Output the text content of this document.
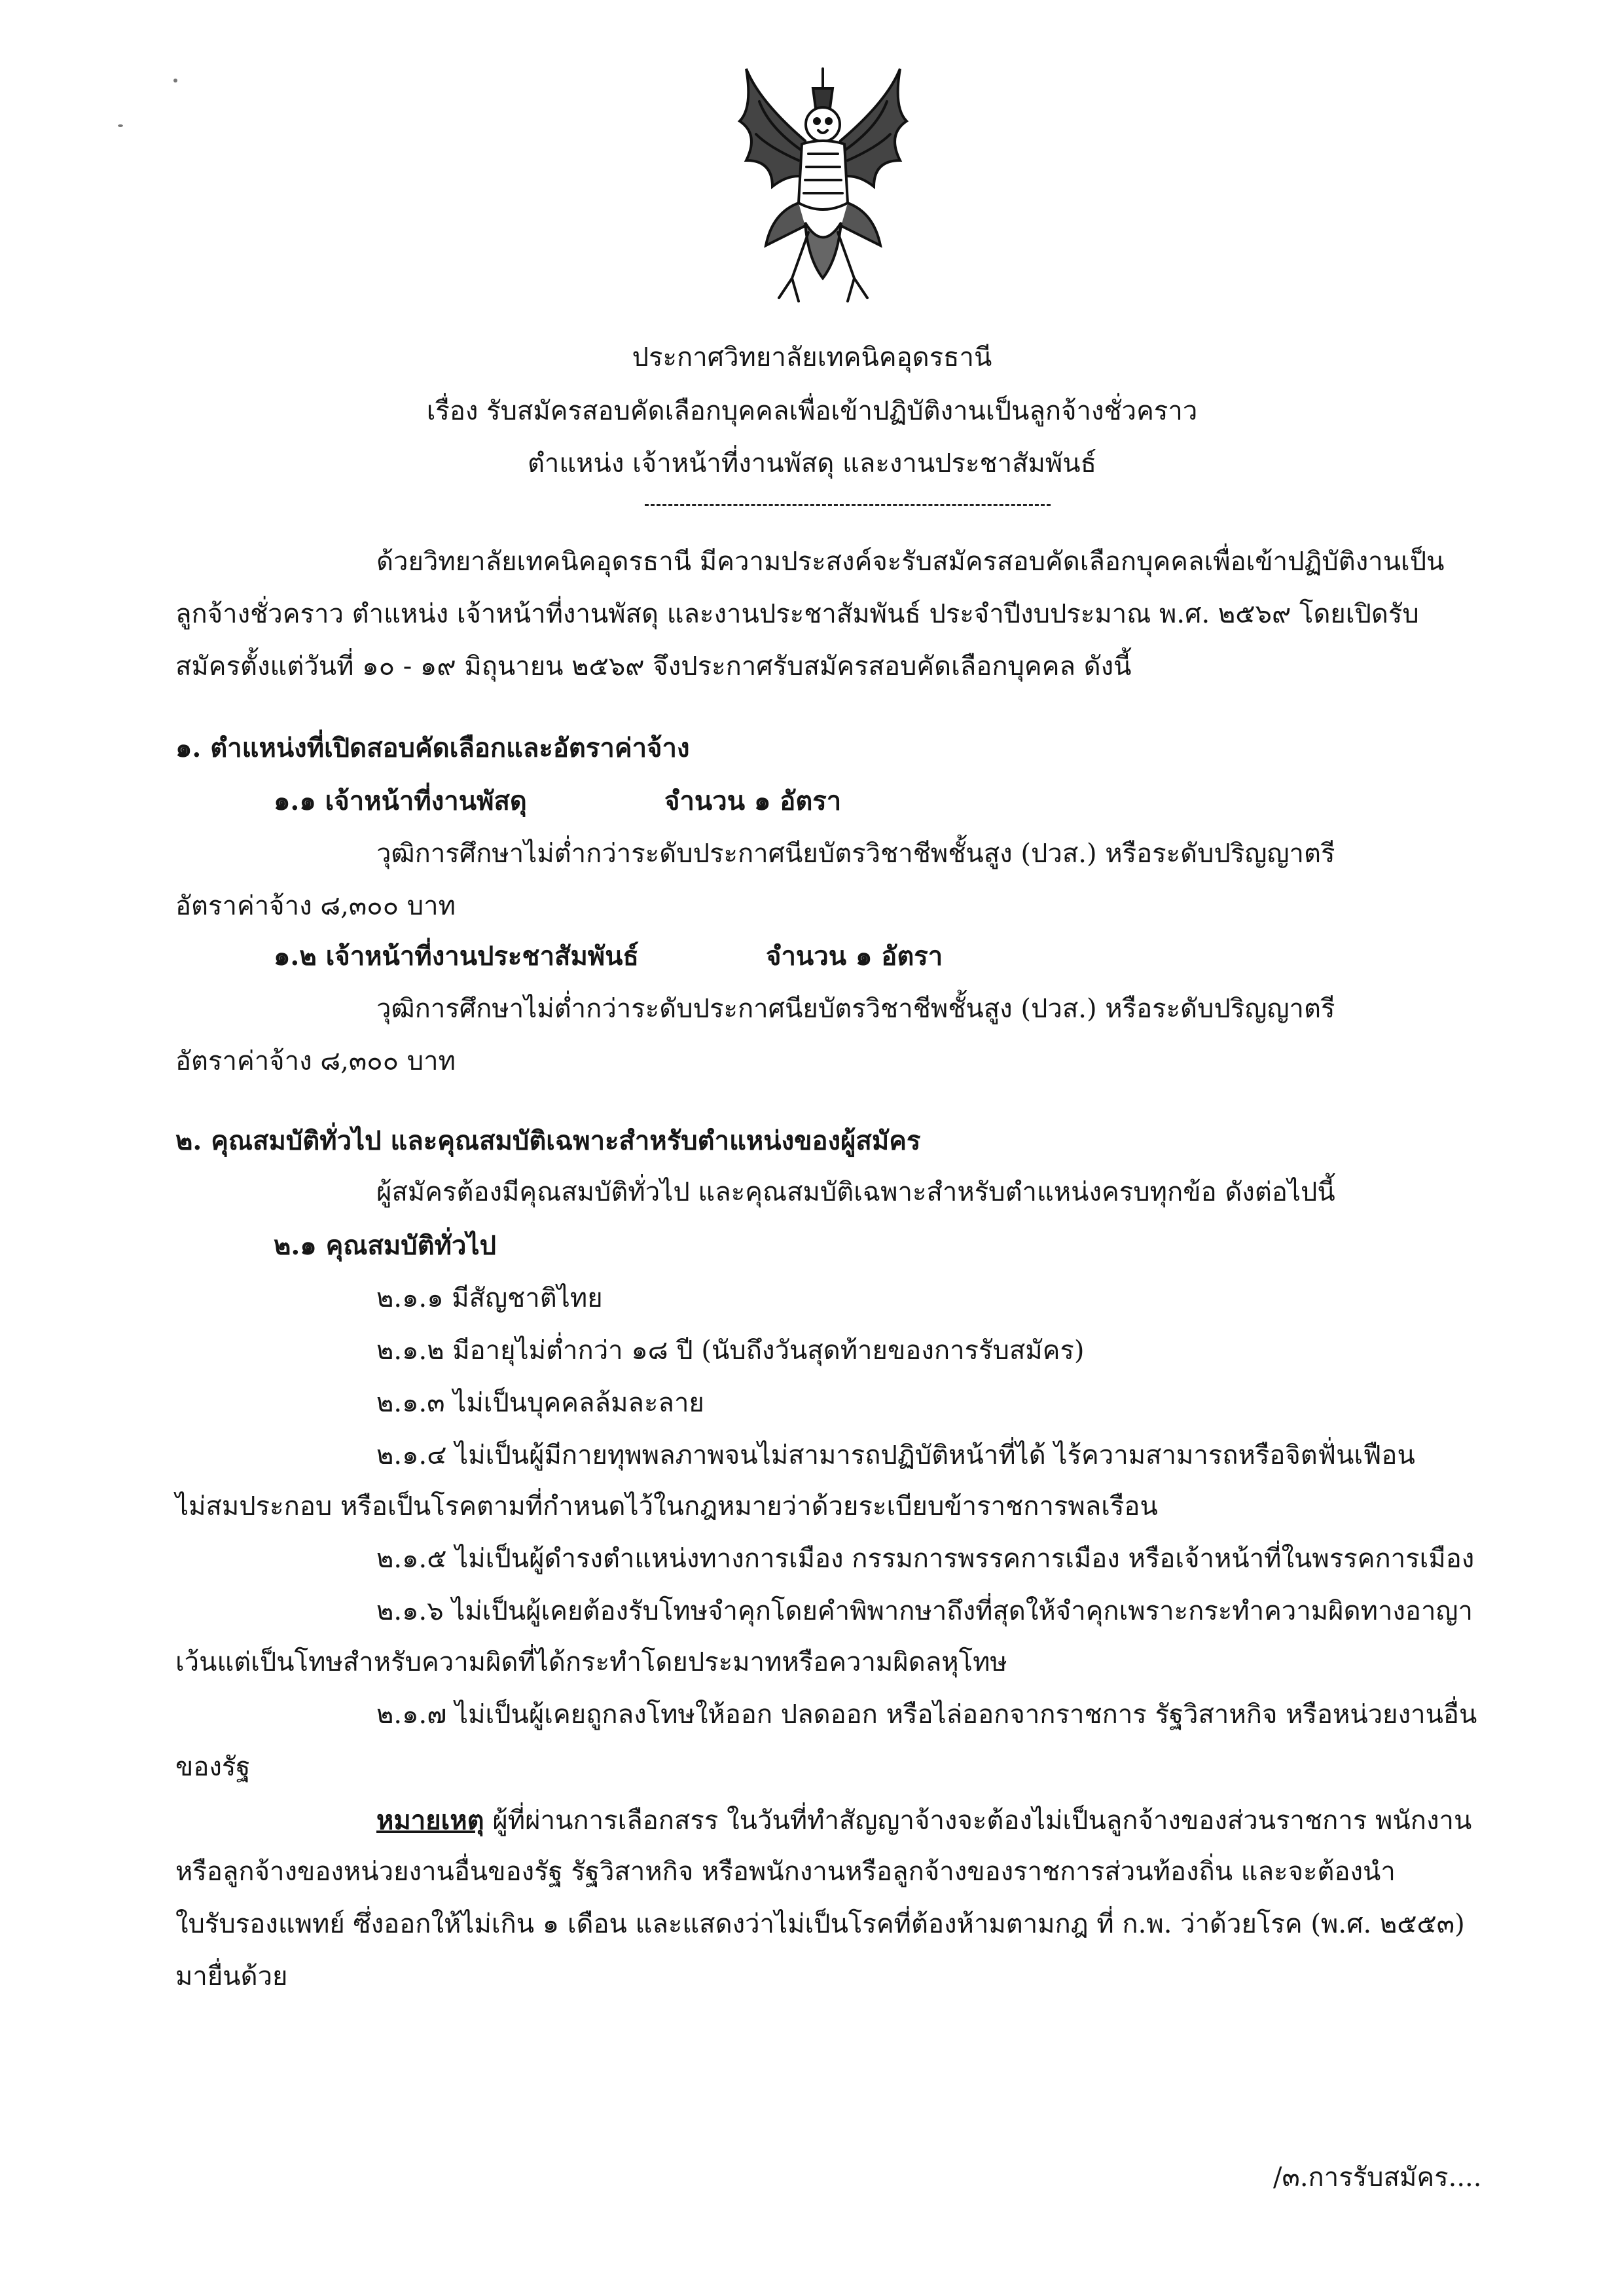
ประกาศวิทยาลัยเทคนิคอุดรธานี
เรื่อง รับสมัครสอบคัดเลือกบุคคลเพื่อเข้าปฏิบัติงานเป็นลูกจ้างชั่วคราว
ตำแหน่ง เจ้าหน้าที่งานพัสดุ และงานประชาสัมพันธ์
ด้วยวิทยาลัยเทคนิคอุดรธานี มีความประสงค์จะรับสมัครสอบคัดเลือกบุคคลเพื่อเข้าปฏิบัติงานเป็น
ลูกจ้างชั่วคราว ตำแหน่ง เจ้าหน้าที่งานพัสดุ และงานประชาสัมพันธ์ ประจำปีงบประมาณ พ.ศ. ๒๕๖๙ โดยเปิดรับ
สมัครตั้งแต่วันที่ ๑๐ - ๑๙ มิถุนายน ๒๕๖๙ จึงประกาศรับสมัครสอบคัดเลือกบุคคล ดังนี้
๑. ตำแหน่งที่เปิดสอบคัดเลือกและอัตราค่าจ้าง
๑.๑ เจ้าหน้าที่งานพัสดุ	จำนวน ๑ อัตรา
วุฒิการศึกษาไม่ต่ำกว่าระดับประกาศนียบัตรวิชาชีพชั้นสูง (ปวส.) หรือระดับปริญญาตรี
อัตราค่าจ้าง ๘,๓๐๐ บาท
๑.๒ เจ้าหน้าที่งานประชาสัมพันธ์	จำนวน ๑ อัตรา
วุฒิการศึกษาไม่ต่ำกว่าระดับประกาศนียบัตรวิชาชีพชั้นสูง (ปวส.) หรือระดับปริญญาตรี
อัตราค่าจ้าง ๘,๓๐๐ บาท
๒. คุณสมบัติทั่วไป และคุณสมบัติเฉพาะสำหรับตำแหน่งของผู้สมัคร
ผู้สมัครต้องมีคุณสมบัติทั่วไป และคุณสมบัติเฉพาะสำหรับตำแหน่งครบทุกข้อ ดังต่อไปนี้
๒.๑ คุณสมบัติทั่วไป
๒.๑.๑ มีสัญชาติไทย
๒.๑.๒ มีอายุไม่ต่ำกว่า ๑๘ ปี (นับถึงวันสุดท้ายของการรับสมัคร)
๒.๑.๓ ไม่เป็นบุคคลล้มละลาย
๒.๑.๔ ไม่เป็นผู้มีกายทุพพลภาพจนไม่สามารถปฏิบัติหน้าที่ได้ ไร้ความสามารถหรือจิตฟั่นเฟือน
ไม่สมประกอบ หรือเป็นโรคตามที่กำหนดไว้ในกฎหมายว่าด้วยระเบียบข้าราชการพลเรือน
๒.๑.๕ ไม่เป็นผู้ดำรงตำแหน่งทางการเมือง กรรมการพรรคการเมือง หรือเจ้าหน้าที่ในพรรคการเมือง
๒.๑.๖ ไม่เป็นผู้เคยต้องรับโทษจำคุกโดยคำพิพากษาถึงที่สุดให้จำคุกเพราะกระทำความผิดทางอาญา
เว้นแต่เป็นโทษสำหรับความผิดที่ได้กระทำโดยประมาทหรือความผิดลหุโทษ
๒.๑.๗ ไม่เป็นผู้เคยถูกลงโทษให้ออก ปลดออก หรือไล่ออกจากราชการ รัฐวิสาหกิจ หรือหน่วยงานอื่น
ของรัฐ
หมายเหตุ ผู้ที่ผ่านการเลือกสรร ในวันที่ทำสัญญาจ้างจะต้องไม่เป็นลูกจ้างของส่วนราชการ พนักงาน
หรือลูกจ้างของหน่วยงานอื่นของรัฐ รัฐวิสาหกิจ หรือพนักงานหรือลูกจ้างของราชการส่วนท้องถิ่น และจะต้องนำ
ใบรับรองแพทย์ ซึ่งออกให้ไม่เกิน ๑ เดือน และแสดงว่าไม่เป็นโรคที่ต้องห้ามตามกฎ ที่ ก.พ. ว่าด้วยโรค (พ.ศ. ๒๕๕๓)
มายื่นด้วย
/๓.การรับสมัคร....
